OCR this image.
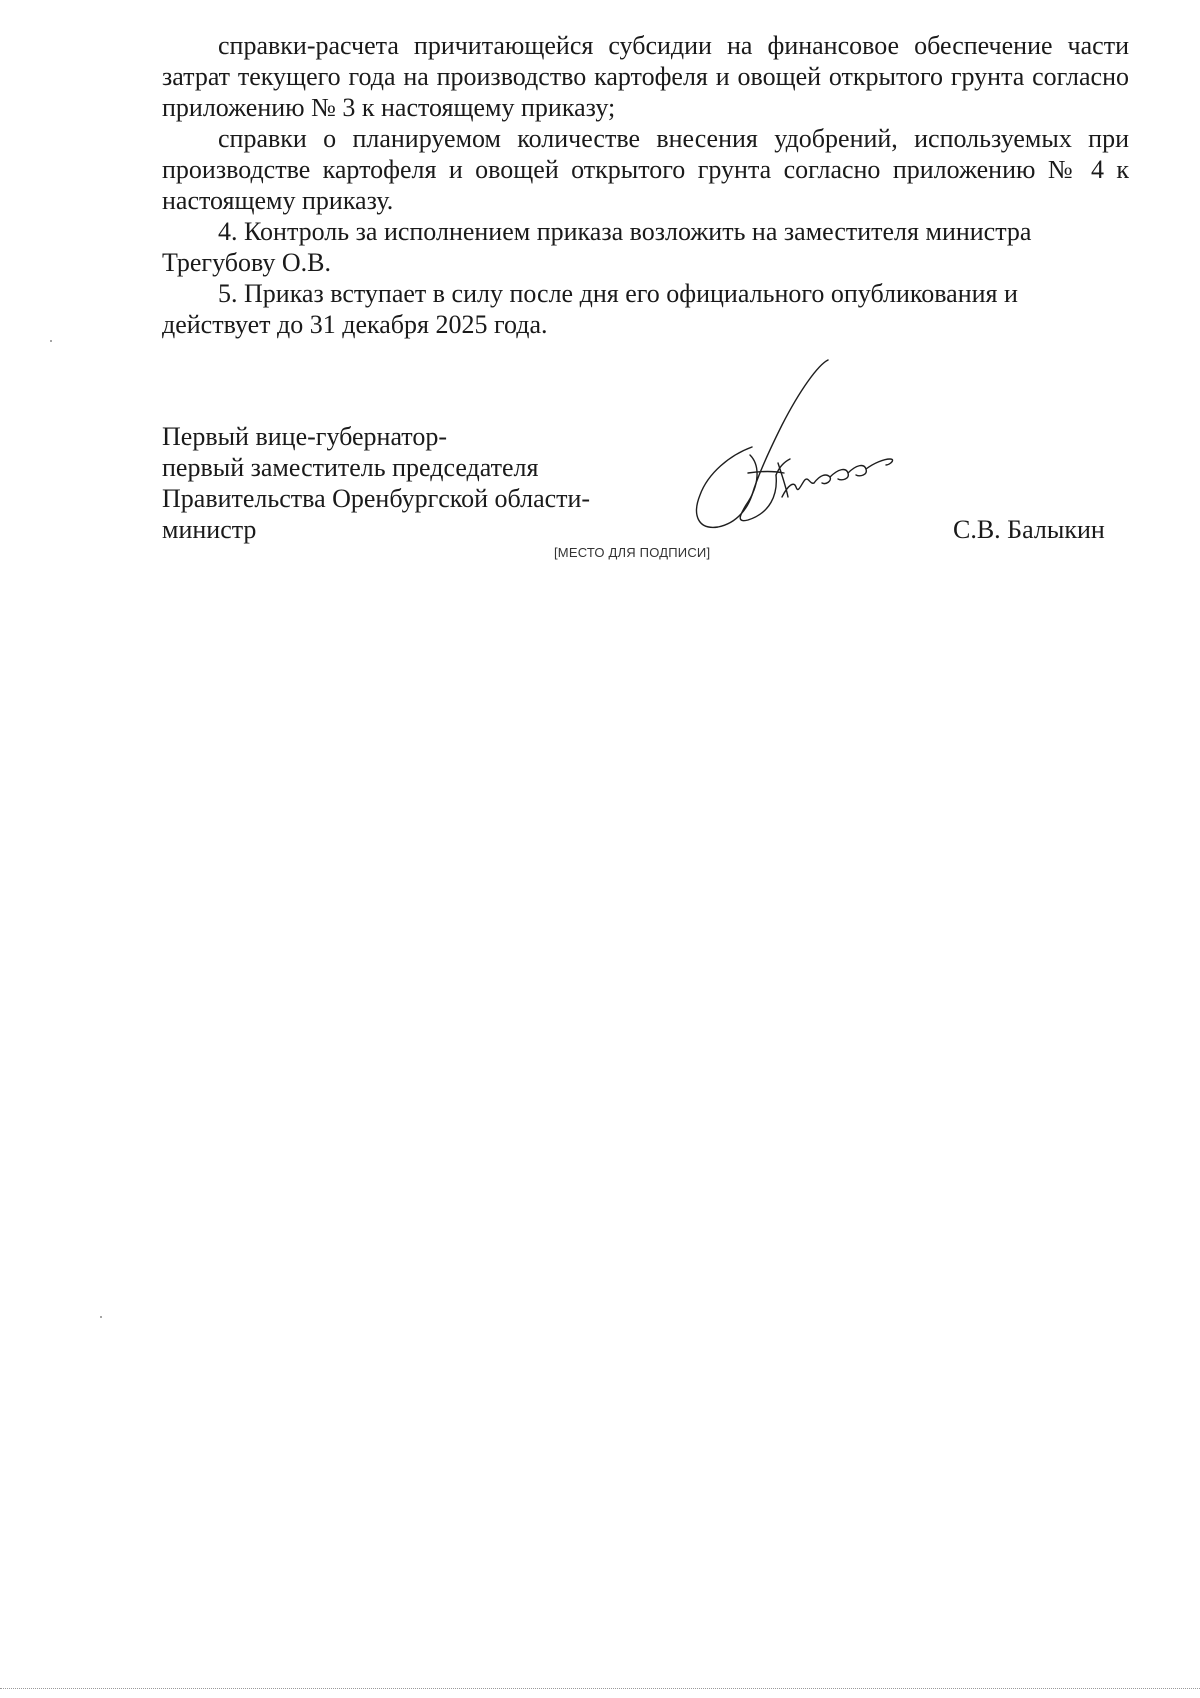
справки-расчета причитающейся субсидии на финансовое обеспечение части затрат текущего года на производство картофеля и овощей открытого грунта согласно приложению № 3 к настоящему приказу;

справки о планируемом количестве внесения удобрений, используемых при производстве картофеля и овощей открытого грунта согласно приложению № 4 к настоящему приказу.

4. Контроль за исполнением приказа возложить на заместителя министра Трегубову О.В.

5. Приказ вступает в силу после дня его официального опубликования и действует до 31 декабря 2025 года.

Первый вице-губернатор-
первый заместитель председателя
Правительства Оренбургской области-
министр	С.В. Балыкин
[МЕСТО ДЛЯ ПОДПИСИ]
